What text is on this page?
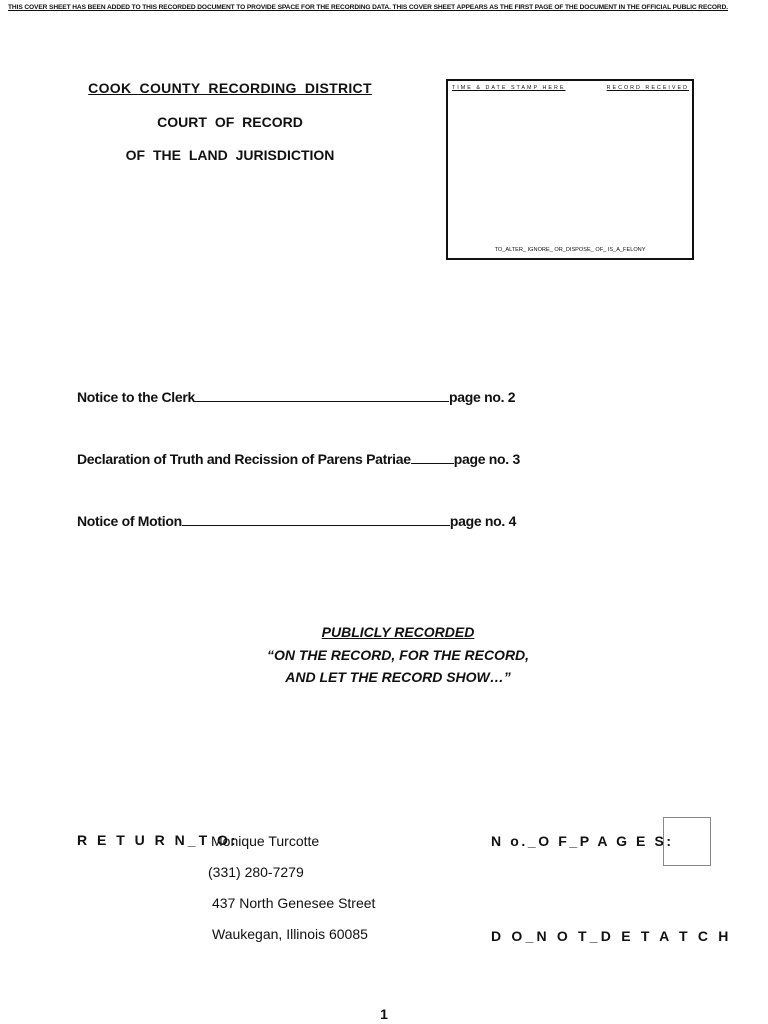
THIS COVER SHEET HAS BEEN ADDED TO THIS RECORDED DOCUMENT TO PROVIDE SPACE FOR THE RECORDING DATA. THIS COVER SHEET APPEARS AS THE FIRST PAGE OF THE DOCUMENT IN THE OFFICIAL PUBLIC RECORD.
COOK COUNTY RECORDING DISTRICT
COURT OF RECORD
OF THE LAND JURISDICTION
TIME & DATE STAMP HERE	RECORD RECEIVED
TO_ALTER_ IGNORE_ OR_DISPOSE_ OF_ IS_A_FELONY
Notice to the Clerk	page no. 2
Declaration of Truth and Recission of Parens Patriae	page no. 3
Notice of Motion	page no. 4
PUBLICLY RECORDED
“ON THE RECORD, FOR THE RECORD,
AND LET THE RECORD SHOW…”
R E T U R N_T O:
Monique Turcotte
(331) 280-7279
437 North Genesee Street
Waukegan, Illinois 60085
N o._O F_P A G E S:
D O_N O T_D E T A T C H
1
